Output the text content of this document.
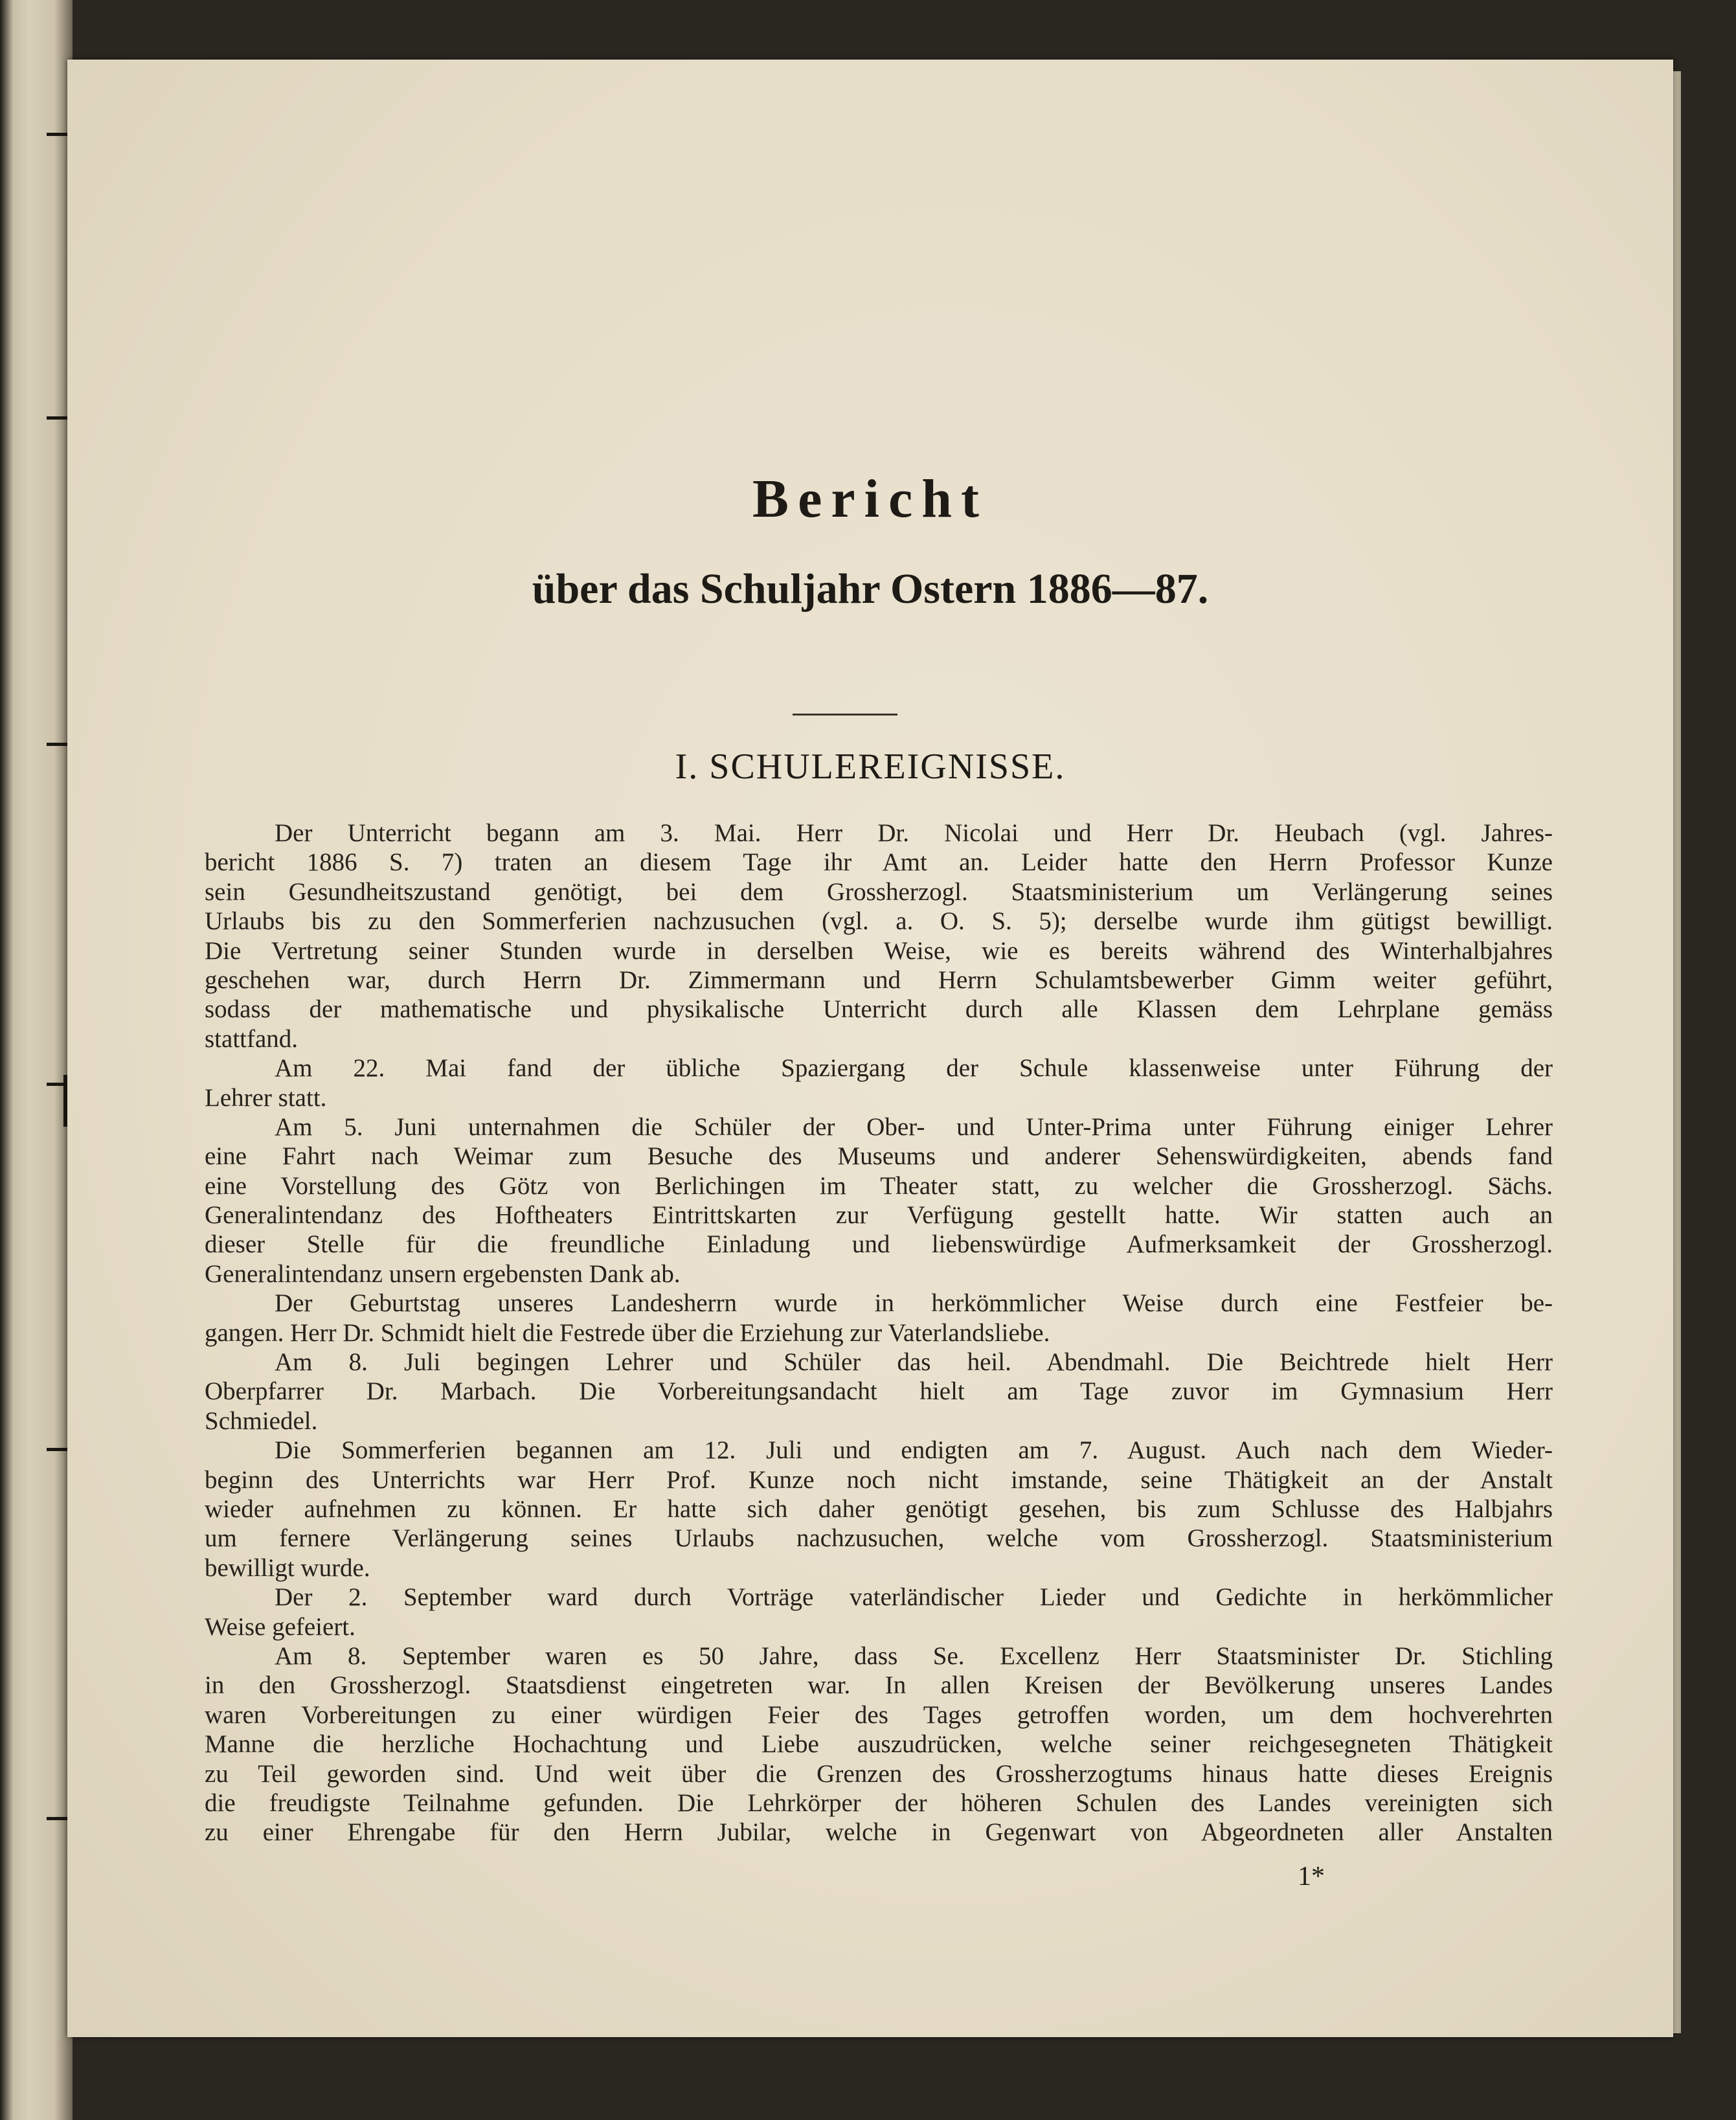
Bericht
über das Schuljahr Ostern 1886—87.
I. SCHULEREIGNISSE.
Der Unterricht begann am 3. Mai. Herr Dr. Nicolai und Herr Dr. Heubach (vgl. Jahres-
bericht 1886 S. 7) traten an diesem Tage ihr Amt an. Leider hatte den Herrn Professor Kunze
sein Gesundheitszustand genötigt, bei dem Grossherzogl. Staatsministerium um Verlängerung seines
Urlaubs bis zu den Sommerferien nachzusuchen (vgl. a. O. S. 5); derselbe wurde ihm gütigst bewilligt.
Die Vertretung seiner Stunden wurde in derselben Weise, wie es bereits während des Winterhalbjahres
geschehen war, durch Herrn Dr. Zimmermann und Herrn Schulamtsbewerber Gimm weiter geführt,
sodass der mathematische und physikalische Unterricht durch alle Klassen dem Lehrplane gemäss
stattfand.
Am 22. Mai fand der übliche Spaziergang der Schule klassenweise unter Führung der
Lehrer statt.
Am 5. Juni unternahmen die Schüler der Ober- und Unter-Prima unter Führung einiger Lehrer
eine Fahrt nach Weimar zum Besuche des Museums und anderer Sehenswürdigkeiten, abends fand
eine Vorstellung des Götz von Berlichingen im Theater statt, zu welcher die Grossherzogl. Sächs.
Generalintendanz des Hoftheaters Eintrittskarten zur Verfügung gestellt hatte. Wir statten auch an
dieser Stelle für die freundliche Einladung und liebenswürdige Aufmerksamkeit der Grossherzogl.
Generalintendanz unsern ergebensten Dank ab.
Der Geburtstag unseres Landesherrn wurde in herkömmlicher Weise durch eine Festfeier be-
gangen. Herr Dr. Schmidt hielt die Festrede über die Erziehung zur Vaterlandsliebe.
Am 8. Juli begingen Lehrer und Schüler das heil. Abendmahl. Die Beichtrede hielt Herr
Oberpfarrer Dr. Marbach. Die Vorbereitungsandacht hielt am Tage zuvor im Gymnasium Herr
Schmiedel.
Die Sommerferien begannen am 12. Juli und endigten am 7. August. Auch nach dem Wieder-
beginn des Unterrichts war Herr Prof. Kunze noch nicht imstande, seine Thätigkeit an der Anstalt
wieder aufnehmen zu können. Er hatte sich daher genötigt gesehen, bis zum Schlusse des Halbjahrs
um fernere Verlängerung seines Urlaubs nachzusuchen, welche vom Grossherzogl. Staatsministerium
bewilligt wurde.
Der 2. September ward durch Vorträge vaterländischer Lieder und Gedichte in herkömmlicher
Weise gefeiert.
Am 8. September waren es 50 Jahre, dass Se. Excellenz Herr Staatsminister Dr. Stichling
in den Grossherzogl. Staatsdienst eingetreten war. In allen Kreisen der Bevölkerung unseres Landes
waren Vorbereitungen zu einer würdigen Feier des Tages getroffen worden, um dem hochverehrten
Manne die herzliche Hochachtung und Liebe auszudrücken, welche seiner reichgesegneten Thätigkeit
zu Teil geworden sind. Und weit über die Grenzen des Grossherzogtums hinaus hatte dieses Ereignis
die freudigste Teilnahme gefunden. Die Lehrkörper der höheren Schulen des Landes vereinigten sich
zu einer Ehrengabe für den Herrn Jubilar, welche in Gegenwart von Abgeordneten aller Anstalten
1*
